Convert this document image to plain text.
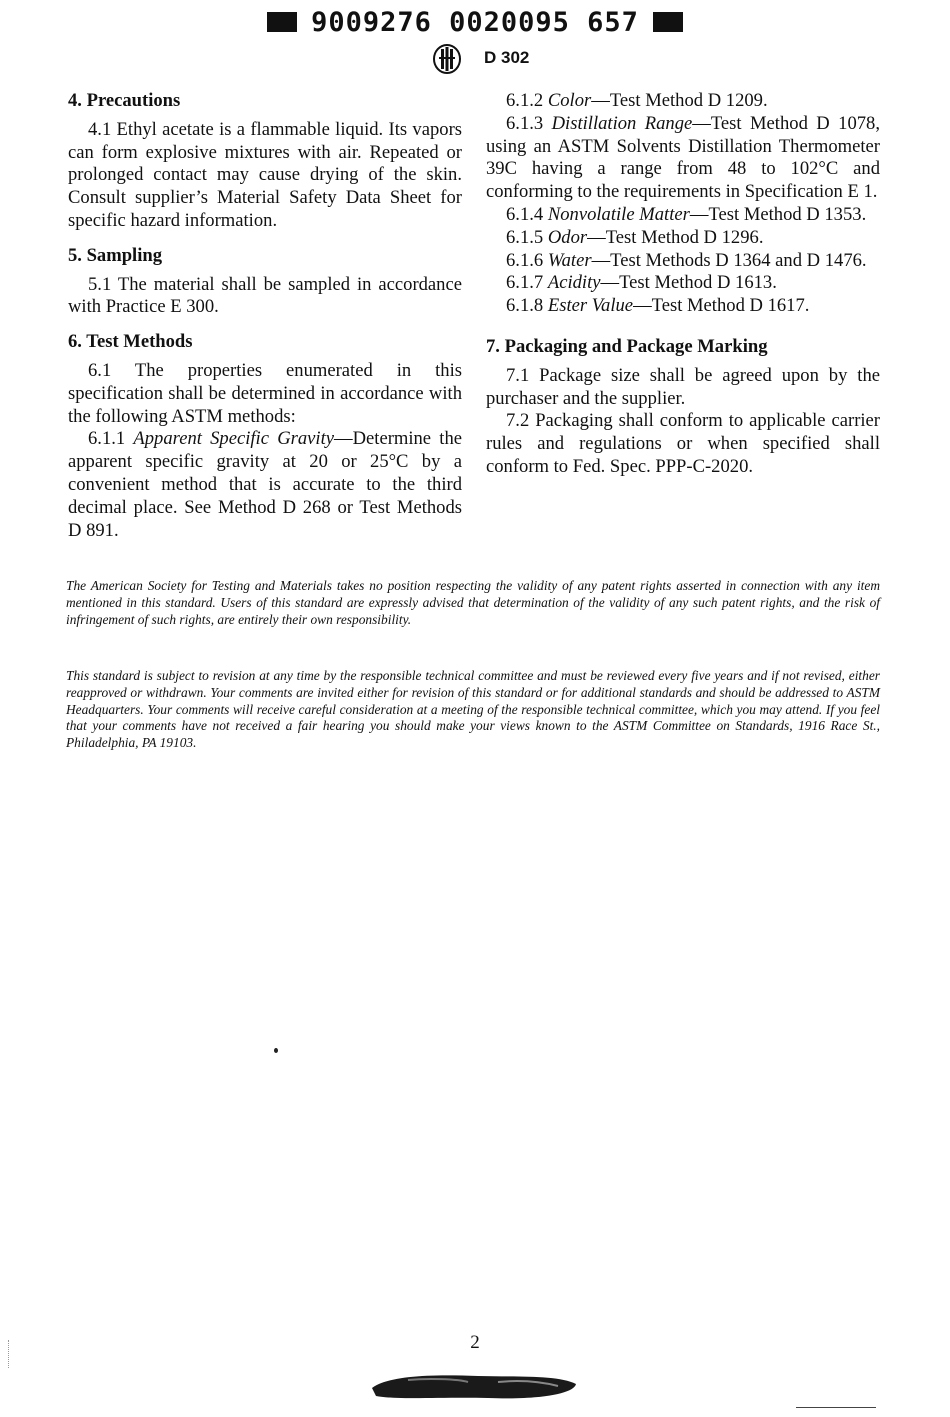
9009276 0020095 657
D 302
4. Precautions

4.1 Ethyl acetate is a flammable liquid. Its vapors can form explosive mixtures with air. Repeated or prolonged contact may cause drying of the skin. Consult supplier’s Material Safety Data Sheet for specific hazard information.

5. Sampling

5.1 The material shall be sampled in accordance with Practice E 300.

6. Test Methods

6.1 The properties enumerated in this specification shall be determined in accordance with the following ASTM methods:

6.1.1 Apparent Specific Gravity—Determine the apparent specific gravity at 20 or 25°C by a convenient method that is accurate to the third decimal place. See Method D 268 or Test Methods D 891.

6.1.2 Color—Test Method D 1209.

6.1.3 Distillation Range—Test Method D 1078, using an ASTM Solvents Distillation Thermometer 39C having a range from 48 to 102°C and conforming to the requirements in Specification E 1.

6.1.4 Nonvolatile Matter—Test Method D 1353.

6.1.5 Odor—Test Method D 1296.

6.1.6 Water—Test Methods D 1364 and D 1476.

6.1.7 Acidity—Test Method D 1613.

6.1.8 Ester Value—Test Method D 1617.

7. Packaging and Package Marking

7.1 Package size shall be agreed upon by the purchaser and the supplier.

7.2 Packaging shall conform to applicable carrier rules and regulations or when specified shall conform to Fed. Spec. PPP-C-2020.

The American Society for Testing and Materials takes no position respecting the validity of any patent rights asserted in connection with any item mentioned in this standard. Users of this standard are expressly advised that determination of the validity of any such patent rights, and the risk of infringement of such rights, are entirely their own responsibility.
This standard is subject to revision at any time by the responsible technical committee and must be reviewed every five years and if not revised, either reapproved or withdrawn. Your comments are invited either for revision of this standard or for additional standards and should be addressed to ASTM Headquarters. Your comments will receive careful consideration at a meeting of the responsible technical committee, which you may attend. If you feel that your comments have not received a fair hearing you should make your views known to the ASTM Committee on Standards, 1916 Race St., Philadelphia, PA 19103.
2
